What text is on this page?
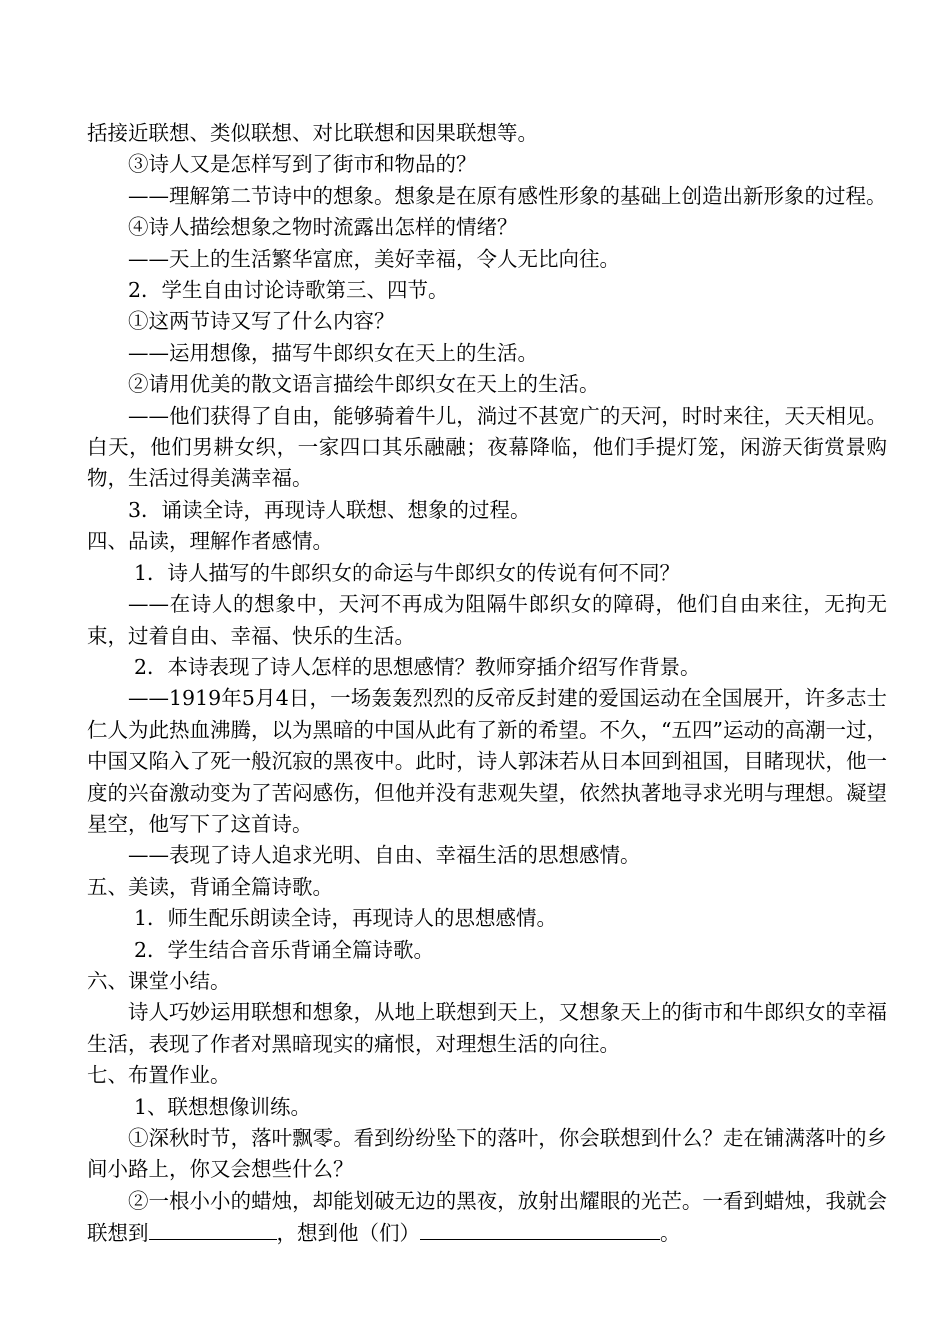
括接近联想、类似联想、对比联想和因果联想等。

③诗人又是怎样写到了街市和物品的？

——理解第二节诗中的想象。想象是在原有感性形象的基础上创造出新形象的过程。

④诗人描绘想象之物时流露出怎样的情绪？

——天上的生活繁华富庶，美好幸福，令人无比向往。

2．学生自由讨论诗歌第三、四节。

①这两节诗又写了什么内容？

——运用想像，描写牛郎织女在天上的生活。

②请用优美的散文语言描绘牛郎织女在天上的生活。

——他们获得了自由，能够骑着牛儿，淌过不甚宽广的天河，时时来往，天天相见。白天，他们男耕女织，一家四口其乐融融；夜幕降临，他们手提灯笼，闲游天街赏景购物，生活过得美满幸福。

3．诵读全诗，再现诗人联想、想象的过程。

四、品读，理解作者感情。

1．诗人描写的牛郎织女的命运与牛郎织女的传说有何不同？

——在诗人的想象中，天河不再成为阻隔牛郎织女的障碍，他们自由来往，无拘无束，过着自由、幸福、快乐的生活。

2．本诗表现了诗人怎样的思想感情？教师穿插介绍写作背景。

——1919年5月4日，一场轰轰烈烈的反帝反封建的爱国运动在全国展开，许多志士仁人为此热血沸腾，以为黑暗的中国从此有了新的希望。不久，“五四”运动的高潮一过，中国又陷入了死一般沉寂的黑夜中。此时，诗人郭沫若从日本回到祖国，目睹现状，他一度的兴奋激动变为了苦闷感伤，但他并没有悲观失望，依然执著地寻求光明与理想。凝望星空，他写下了这首诗。

——表现了诗人追求光明、自由、幸福生活的思想感情。

五、美读，背诵全篇诗歌。

1．师生配乐朗读全诗，再现诗人的思想感情。

2．学生结合音乐背诵全篇诗歌。

六、课堂小结。

诗人巧妙运用联想和想象，从地上联想到天上，又想象天上的街市和牛郎织女的幸福生活，表现了作者对黑暗现实的痛恨，对理想生活的向往。

七、布置作业。

1、联想想像训练。

①深秋时节，落叶飘零。看到纷纷坠下的落叶，你会联想到什么？走在铺满落叶的乡间小路上，你又会想些什么？

②一根小小的蜡烛，却能划破无边的黑夜，放射出耀眼的光芒。一看到蜡烛，我就会联想到	，想到他（们）	。
